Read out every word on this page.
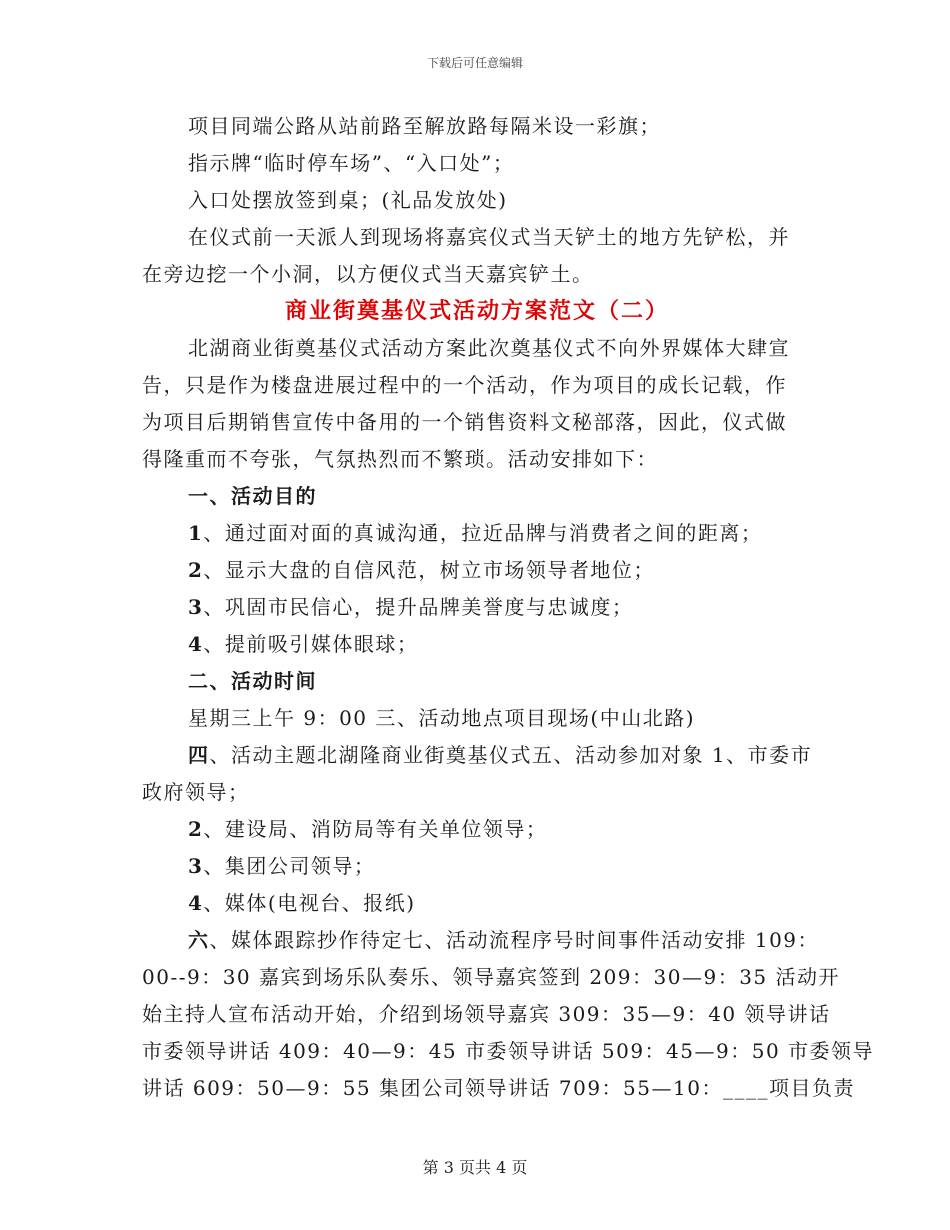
下载后可任意编辑
项目同端公路从站前路至解放路每隔米设一彩旗；
指示牌“临时停车场”、“入口处”；
入口处摆放签到桌；(礼品发放处)
在仪式前一天派人到现场将嘉宾仪式当天铲土的地方先铲松，并
在旁边挖一个小洞，以方便仪式当天嘉宾铲土。
商业街奠基仪式活动方案范文（二）
北湖商业街奠基仪式活动方案此次奠基仪式不向外界媒体大肆宣
告，只是作为楼盘进展过程中的一个活动，作为项目的成长记载，作
为项目后期销售宣传中备用的一个销售资料文秘部落，因此，仪式做
得隆重而不夸张，气氛热烈而不繁琐。活动安排如下：
一、活动目的
1、通过面对面的真诚沟通，拉近品牌与消费者之间的距离；
2、显示大盘的自信风范，树立市场领导者地位；
3、巩固市民信心，提升品牌美誉度与忠诚度；
4、提前吸引媒体眼球；
二、活动时间
星期三上午 9：00 三、活动地点项目现场(中山北路)
四、活动主题北湖隆商业街奠基仪式五、活动参加对象 1、市委市
政府领导；
2、建设局、消防局等有关单位领导；
3、集团公司领导；
4、媒体(电视台、报纸)
六、媒体跟踪抄作待定七、活动流程序号时间事件活动安排 109：
00--9：30 嘉宾到场乐队奏乐、领导嘉宾签到 209：30—9：35 活动开
始主持人宣布活动开始，介绍到场领导嘉宾 309：35—9：40 领导讲话
市委领导讲话 409：40—9：45 市委领导讲话 509：45—9：50 市委领导
讲话 609：50—9：55 集团公司领导讲话 709：55—10：____项目负责
第 3 页共 4 页
